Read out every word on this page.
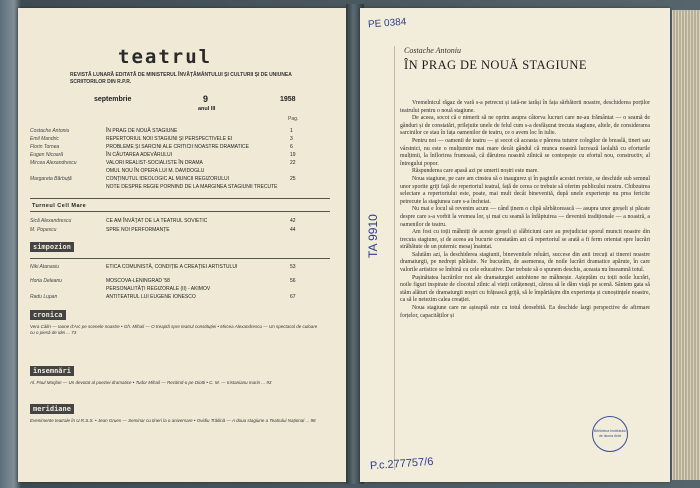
teatrul
REVISTĂ LUNARĂ EDITATĂ DE MINISTERUL ÎNVĂȚĂMÂNTULUI ȘI CULTURII ȘI DE UNIUNEA SCRIITORILOR DIN R.P.R.
septembrie	9	1958
anul III
Pag.
Costache Antoniu	ÎN PRAG DE NOUĂ STAGIUNE	1
Emil Mandric	REPERTORIUL NOII STAGIUNI ȘI PERSPECTIVELE EI	3
Florin Tornea	PROBLEME ȘI SARCINI ALE CRITICII NOASTRE DRAMATICE	6
Eugen Nicoară	ÎN CĂUTAREA ADEVĂRULUI	19
Mircea Alexandrescu	VALORI REALIST-SOCIALISTE ÎN DRAMA	22
OMUL NOU ÎN OPERA LUI M. DAVIDOGLU
Margareta Bărbuță	CONȚINUTUL IDEOLOGIC AL MUNCII REGIZORULUI	25
NOTE DESPRE REGIE PORNIND DE LA MARGINEA STAGIUNII TRECUTE
Turneul Cell Mare
Sică Alexandrescu	CE AM ÎNVĂȚAT DE LA TEATRUL SOVIETIC	42
M. Popescu	SPRE NOI PERFORMANȚE	44
simpozion
Niki Atanasiu	ETICA COMUNISTĂ, CONDIȚIE A CREAȚIEI ARTISTULUI	53
Horia Deleanu	MOSCOVA-LENINGRAD '58	56
PERSONALITĂȚI REGIZORALE (II) - AKIMOV
Radu Lupan	ANTITEATRUL LUI EUGENE IONESCO	67
cronica
Vera Călin — Iaone d'Arc pe scenele noastre • Gh. Mihail — O treaptă spre teatrul constituției • Mircea Alexandrescu — Un spectacol de culoare cu o piesă de idei ... 73
însemnări
Al. Paul Marjlan — Un devotat al poeziei dramatice • Tudor Mihail — Recitind-o pe Diotti • C. M. — Iristanianu marin ... 93
meridiane
Evenimente teatrale în U.R.S.S. • Jean Grues — Seminar cu tineri la o aniversare • Ovidiu Trăilină — A doua stagiune a Teatrului Național ... 98
Costache Antoniu
ÎN PRAG DE NOUĂ STAGIUNE

Vremelnicul răgaz de vară s-a petrecut și iată-ne iarăși în fața sărbătorii noastre, deschiderea porților teatrului pentru o nouă stagiune.

De aceea, socot că e nimerit să ne oprim asupra câtorva lucruri care ne-au frământat — o seamă de gânduri și de constatări, prilejuite unele de felul cum s-a desfășurat trecuta stagiune, altele, de considerarea sarcinilor ce stau în fața oamenilor de teatru, ce o avem loc în iulie.

Pentru noi — oamenii de teatru — și socot că aceasta e părerea tuturor colegilor de breaslă, tineri sau vârstnici, nu este o mulțumire mai mare decât gândul că munca noastră lucrează laolaltă cu eforturile mulțimii, la înflorirea frumoasă, că dăruirea noastră zilnică se contopește cu efortul nou, constructiv, al întregului popor.

Răspunderea care apasă azi pe umerii noștri este mare.

Noua stagiune, pe care am cinstea să o inaugurez și în paginile acestei reviste, se deschide sub semnul unor sporite griji față de repertoriul teatral, față de cerea ce trebuie să oferim publicului nostru. Chibzuirea selectare a repertoriului este, poate, mai mult decât binevenită, după unele experiențe nu prea fericite petrecute la stagiunea care s-a încheiat.

Nu mai e locul să revenim acum — când ținem o clipă sărbătorească — asupra unor greșeli și păcate despre care s-a vorbit la vremea lor, și mai cu seamă la înfăptuirea — deveniră tradiționale — a noastră, a oamenilor de teatru.

Am fost cu toții mâhniți de aceste greșeli și slăbiciuni care au prejudiciat sporul muncii noastre din trecuta stagiune, și de aceea au bucurie constatăm azi că repertoriul se arată a fi ferm orientat spre lucrări străbătute de un puternic mesaj înaintat.

Salutăm azi, la deschiderea stagiunii, binevenitele reluări, succese din anii trecuți ai tinerei noastre dramaturgii, pe nedrept părăsite. Ne bucurăm, de asemenea, de noile lucrări dramatice apărute, în care valorile artistice se îmbină cu cele educative. Dar trebuie să o spunem deschis, aceasta nu înseamnă totul.

Pușinătatea lucrărilor noi ale dramaturgiei autohtone ne mâhnește. Așteptăm cu toții noile lucrări, noile figuri inspirate de clocotul zilnic al vieții cetățenești, cărora să le dăm viață pe scenă. Sântem gata să stăm alături de dramaturgii noștri cu frățească grijă, să le împărtășim din experiența și cunoștințele noastre, ca să le netezim calea creației.

Noua stagiune care ne așteaptă este cu totul deosebită. Ea deschide largi perspective de afirmare forțelor, capacităților și

PE 0384
TA 9910
P.c.277757/6
Biblioteca Institutului de Istoria Artei
